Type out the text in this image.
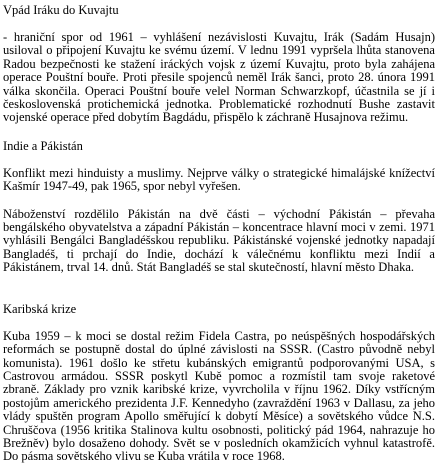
Vpád Iráku do Kuvajtu

- hraniční spor od 1961 – vyhlášení nezávislosti Kuvajtu, Irák (Sadám Husajn) usiloval o připojení Kuvajtu ke svému území. V lednu 1991 vypršela lhůta stanovena Radou bezpečnosti ke stažení iráckých vojsk z území Kuvajtu, proto byla zahájena operace Pouštní bouře. Proti přesile spojenců neměl Irák šanci, proto 28. února 1991 válka skončila. Operaci Pouštní bouře velel Norman Schwarzkopf, účastnila se jí i československá protichemická jednotka. Problematické rozhodnutí Bushe zastavit vojenské operace před dobytím Bagdádu, přispělo k záchraně Husajnova režimu.

Indie a Pákistán

Konflikt mezi hinduisty a muslimy. Nejprve války o strategické himalájské knížectví Kašmír 1947-49, pak 1965, spor nebyl vyřešen.

Náboženství rozdělilo Pákistán na dvě části – východní Pákistán – převaha bengálského obyvatelstva a západní Pákistán – koncentrace hlavní moci v zemi. 1971 vyhlásili Bengálci Bangladéšskou republiku. Pákistánské vojenské jednotky napadají Bangladéš, ti prchají do Indie, dochází k válečnému konfliktu mezi Indií a Pákistánem, trval 14. dnů. Stát Bangladéš se stal skutečností, hlavní město Dhaka.

Karibská krize

Kuba 1959 – k moci se dostal režim Fidela Castra, po neúspěšných hospodářských reformách se postupně dostal do úplné závislosti na SSSR. (Castro původně nebyl komunista). 1961 došlo ke střetu kubánských emigrantů podporovanými USA, s Castrovou armádou. SSSR poskytl Kubě pomoc a rozmístil tam svoje raketové zbraně. Základy pro vznik karibské krize, vyvrcholila v říjnu 1962. Díky vstřícným postojům amerického prezidenta J.F. Kennedyho (zavraždění 1963 v Dallasu, za jeho vlády spuštěn program Apollo směřující k dobytí Měsíce) a sovětského vůdce N.S. Chruščova (1956 kritika Stalinova kultu osobnosti, politický pád 1964, nahrazuje ho Brežněv) bylo dosaženo dohody. Svět se v posledních okamžicích vyhnul katastrofě. Do pásma sovětského vlivu se Kuba vrátila v roce 1968.
